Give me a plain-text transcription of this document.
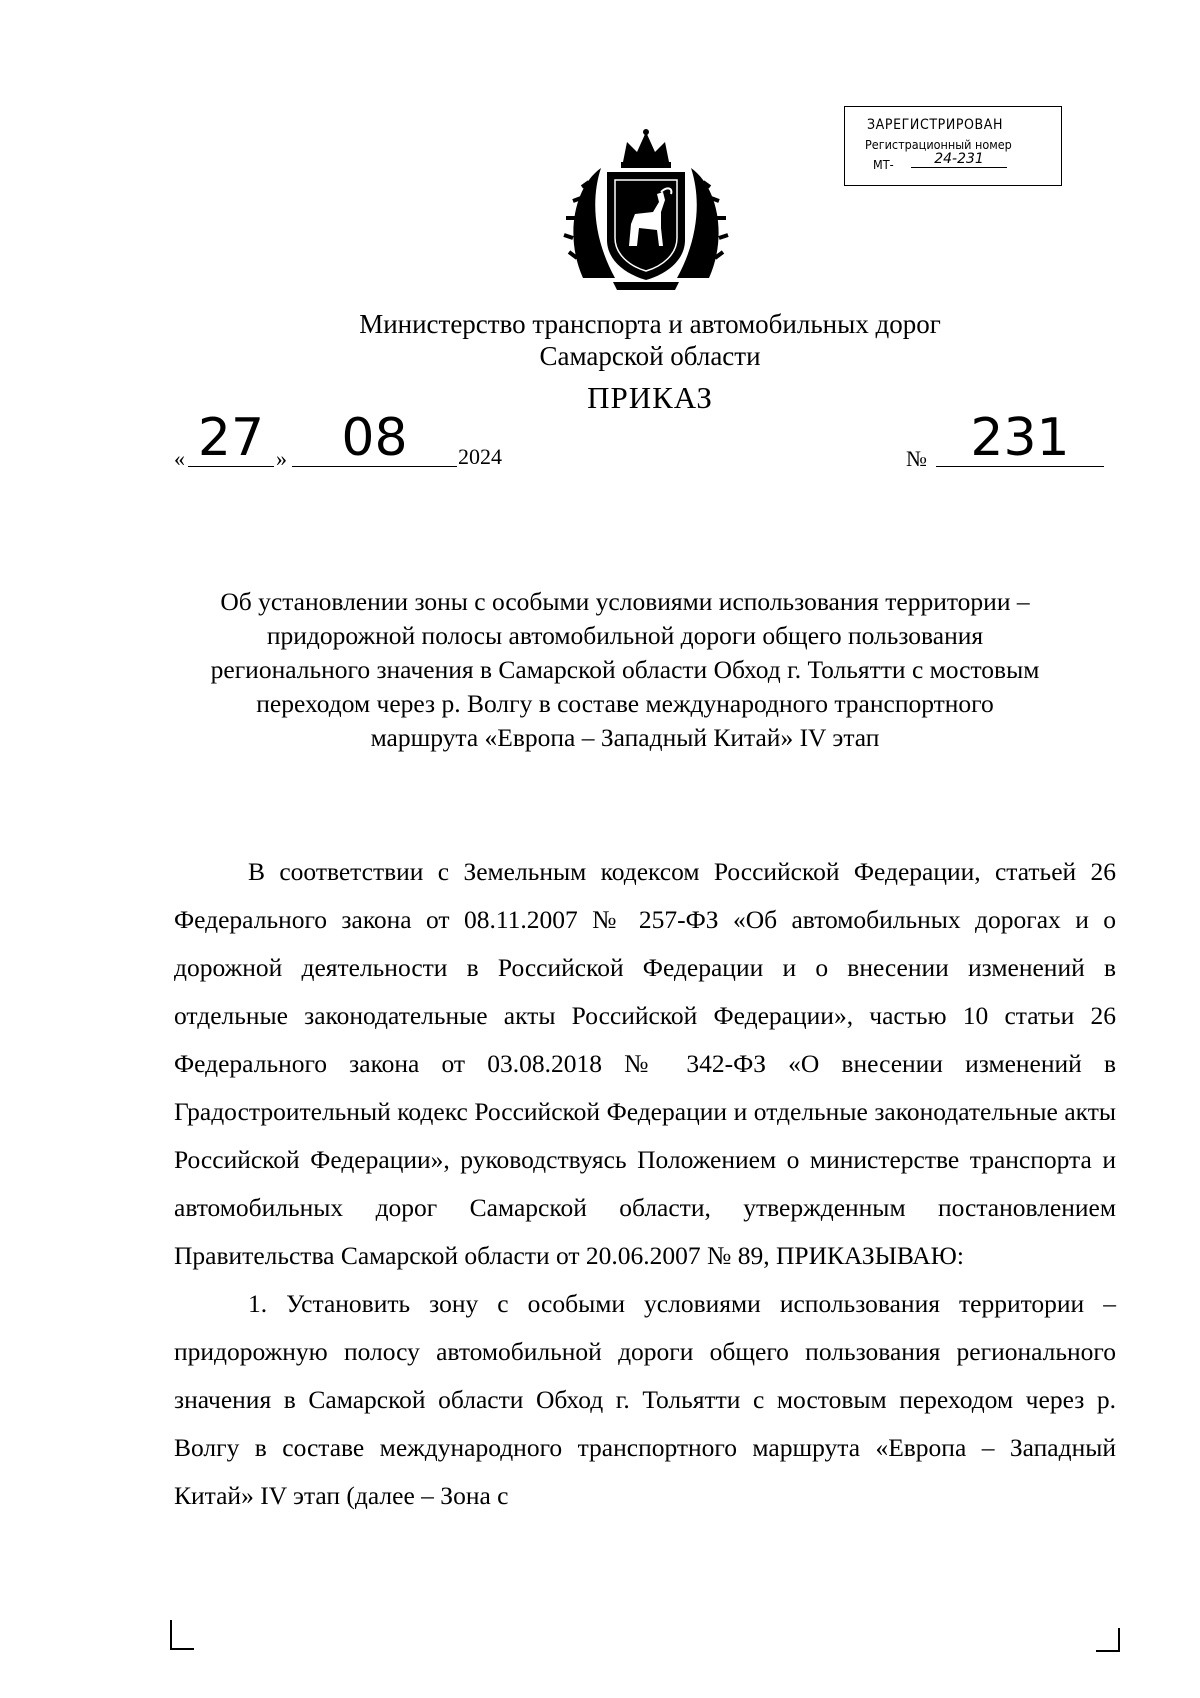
ЗАРЕГИСТРИРОВАН
Регистрационный номер
МТ-	24-231
Министерство транспорта и автомобильных дорог
Самарской области
ПРИКАЗ
« 27 »	08	2024	№ 231
Об установлении зоны с особыми условиями использования территории –
придорожной полосы автомобильной дороги общего пользования
регионального значения в Самарской области Обход г. Тольятти с мостовым
переходом через р. Волгу в составе международного транспортного
маршрута «Европа – Западный Китай» IV этап

В соответствии с Земельным кодексом Российской Федерации, статьей 26 Федерального закона от 08.11.2007 № 257-ФЗ «Об автомобильных дорогах и о дорожной деятельности в Российской Федерации и о внесении изменений в отдельные законодательные акты Российской Федерации», частью 10 статьи 26 Федерального закона от 03.08.2018 № 342-ФЗ «О внесении изменений в Градостроительный кодекс Российской Федерации и отдельные законодательные акты Российской Федерации», руководствуясь Положением о министерстве транспорта и автомобильных дорог Самарской области, утвержденным постановлением Правительства Самарской области от 20.06.2007 № 89, ПРИКАЗЫВАЮ:

1. Установить зону с особыми условиями использования территории – придорожную полосу автомобильной дороги общего пользования регионального значения в Самарской области Обход г. Тольятти с мостовым переходом через р. Волгу в составе международного транспортного маршрута «Европа – Западный Китай» IV этап (далее – Зона с
